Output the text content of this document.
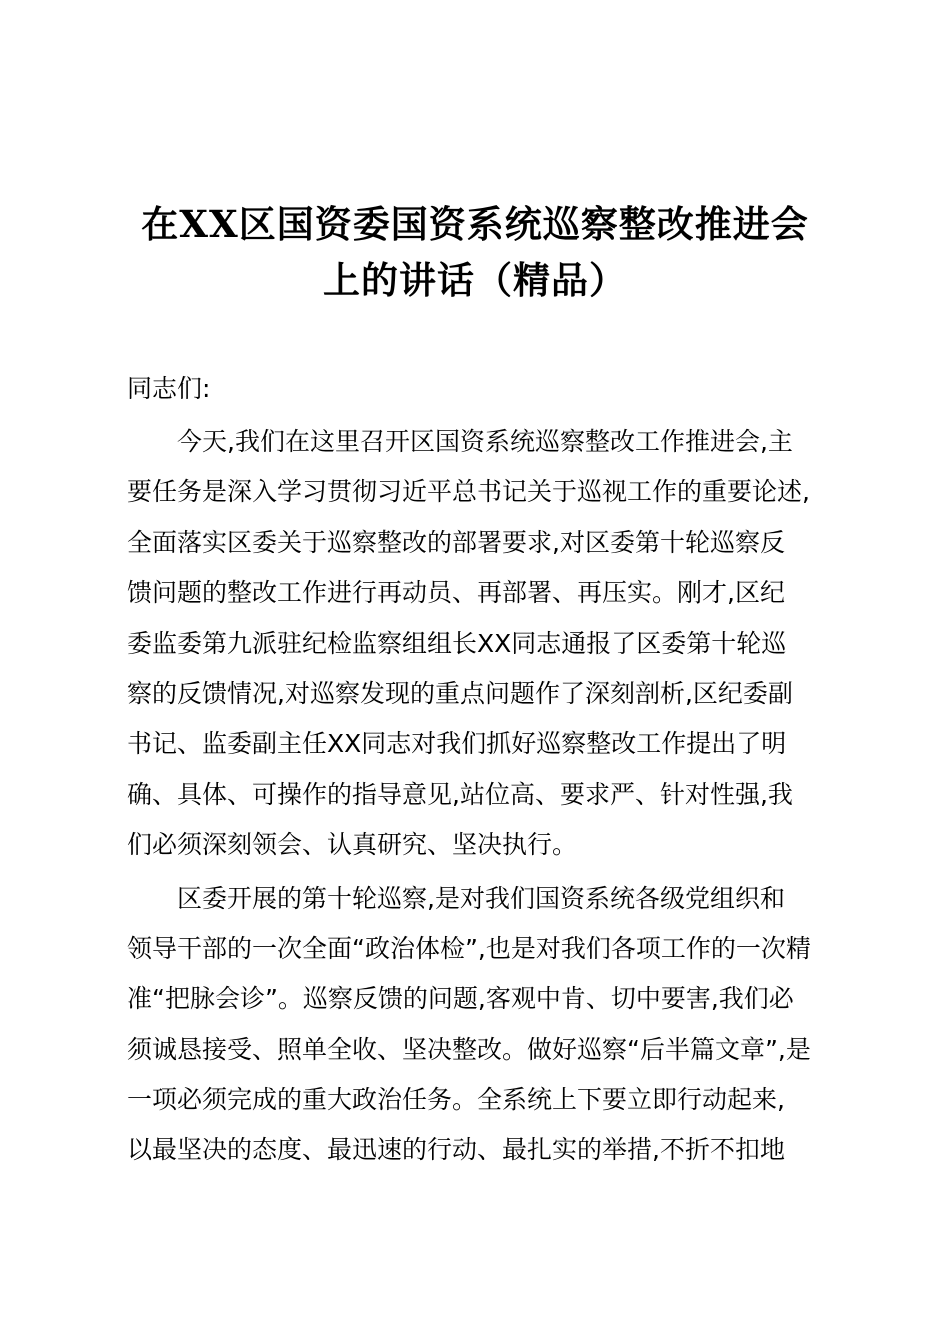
在XX区国资委国资系统巡察整改推进会
上的讲话（精品）
同志们:
今天,我们在这里召开区国资系统巡察整改工作推进会,主
要任务是深入学习贯彻习近平总书记关于巡视工作的重要论述,
全面落实区委关于巡察整改的部署要求,对区委第十轮巡察反
馈问题的整改工作进行再动员、再部署、再压实。刚才,区纪
委监委第九派驻纪检监察组组长XX同志通报了区委第十轮巡
察的反馈情况,对巡察发现的重点问题作了深刻剖析,区纪委副
书记、监委副主任XX同志对我们抓好巡察整改工作提出了明
确、具体、可操作的指导意见,站位高、要求严、针对性强,我
们必须深刻领会、认真研究、坚决执行。
区委开展的第十轮巡察,是对我们国资系统各级党组织和
领导干部的一次全面“政治体检”,也是对我们各项工作的一次精
准“把脉会诊”。巡察反馈的问题,客观中肯、切中要害,我们必
须诚恳接受、照单全收、坚决整改。做好巡察“后半篇文章”,是
一项必须完成的重大政治任务。全系统上下要立即行动起来,
以最坚决的态度、最迅速的行动、最扎实的举措,不折不扣地
